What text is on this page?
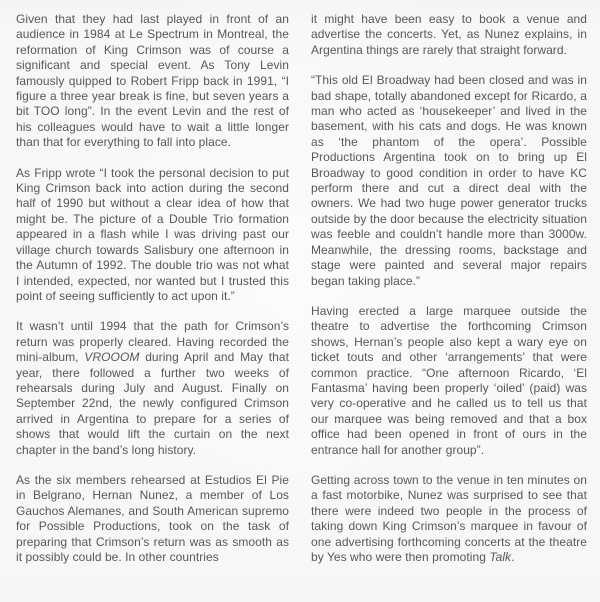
Given that they had last played in front of an audience in 1984 at Le Spectrum in Montreal, the reformation of King Crimson was of course a significant and special event. As Tony Levin famously quipped to Robert Fripp back in 1991, “I figure a three year break is fine, but seven years a bit TOO long”. In the event Levin and the rest of his colleagues would have to wait a little longer than that for everything to fall into place.

As Fripp wrote “I took the personal decision to put King Crimson back into action during the second half of 1990 but without a clear idea of how that might be. The picture of a Double Trio formation appeared in a flash while I was driving past our village church towards Salisbury one afternoon in the Autumn of 1992. The double trio was not what I intended, expected, nor wanted but I trusted this point of seeing sufficiently to act upon it.”

It wasn’t until 1994 that the path for Crimson’s return was properly cleared. Having recorded the mini-album, VROOOM during April and May that year, there followed a further two weeks of rehearsals during July and August. Finally on September 22nd, the newly configured Crimson arrived in Argentina to prepare for a series of shows that would lift the curtain on the next chapter in the band’s long history.

As the six members rehearsed at Estudios El Pie in Belgrano, Hernan Nunez, a member of Los Gauchos Alemanes, and South American supremo for Possible Productions, took on the task of preparing that Crimson’s return was as smooth as it possibly could be. In other countries

it might have been easy to book a venue and advertise the concerts. Yet, as Nunez explains, in Argentina things are rarely that straight forward.

“This old El Broadway had been closed and was in bad shape, totally abandoned except for Ricardo, a man who acted as ‘housekeeper’ and lived in the basement, with his cats and dogs. He was known as ‘the phantom of the opera’. Possible Productions Argentina took on to bring up El Broadway to good condition in order to have KC perform there and cut a direct deal with the owners. We had two huge power generator trucks outside by the door because the electricity situation was feeble and couldn’t handle more than 3000w. Meanwhile, the dressing rooms, backstage and stage were painted and several major repairs began taking place.”

Having erected a large marquee outside the theatre to advertise the forthcoming Crimson shows, Hernan’s people also kept a wary eye on ticket touts and other ‘arrangements’ that were common practice. “One afternoon Ricardo, ‘El Fantasma’ having been properly ‘oiled’ (paid) was very co-operative and he called us to tell us that our marquee was being removed and that a box office had been opened in front of ours in the entrance hall for another group”.

Getting across town to the venue in ten minutes on a fast motorbike, Nunez was surprised to see that there were indeed two people in the process of taking down King Crimson’s marquee in favour of one advertising forthcoming concerts at the theatre by Yes who were then promoting Talk.
